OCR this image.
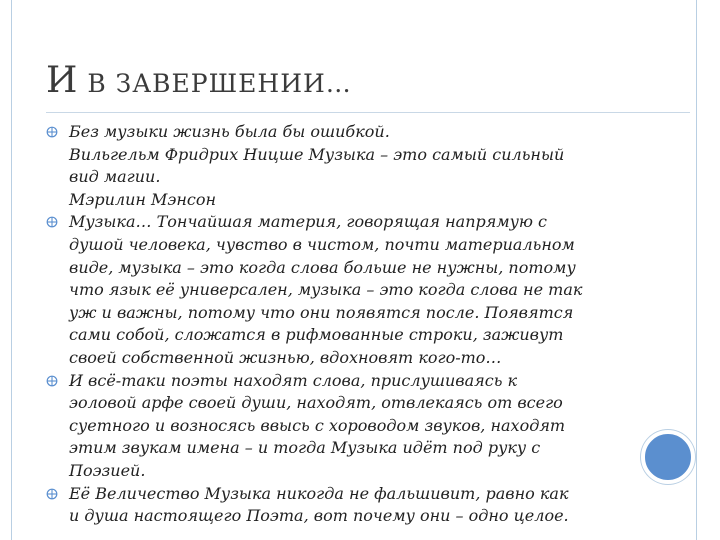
И В ЗАВЕРШЕНИИ…
Без музыки жизнь была бы ошибкой.
Вильгельм Фридрих Ницше Музыка – это самый сильный
вид магии.
Мэрилин Мэнсон
Музыка… Тончайшая материя, говорящая напрямую с
душой человека, чувство в чистом, почти материальном
виде, музыка – это когда слова больше не нужны, потому
что язык её универсален, музыка – это когда слова не так
уж и важны, потому что они появятся после. Появятся
сами собой, сложатся в рифмованные строки, заживут
своей собственной жизнью, вдохновят кого-то…
И всё-таки поэты находят слова, прислушиваясь к
эоловой арфе своей души, находят, отвлекаясь от всего
суетного и возносясь ввысь с хороводом звуков, находят
этим звукам имена – и тогда Музыка идёт под руку с
Поэзией.
Её Величество Музыка никогда не фальшивит, равно как
и душа настоящего Поэта, вот почему они – одно целое.
